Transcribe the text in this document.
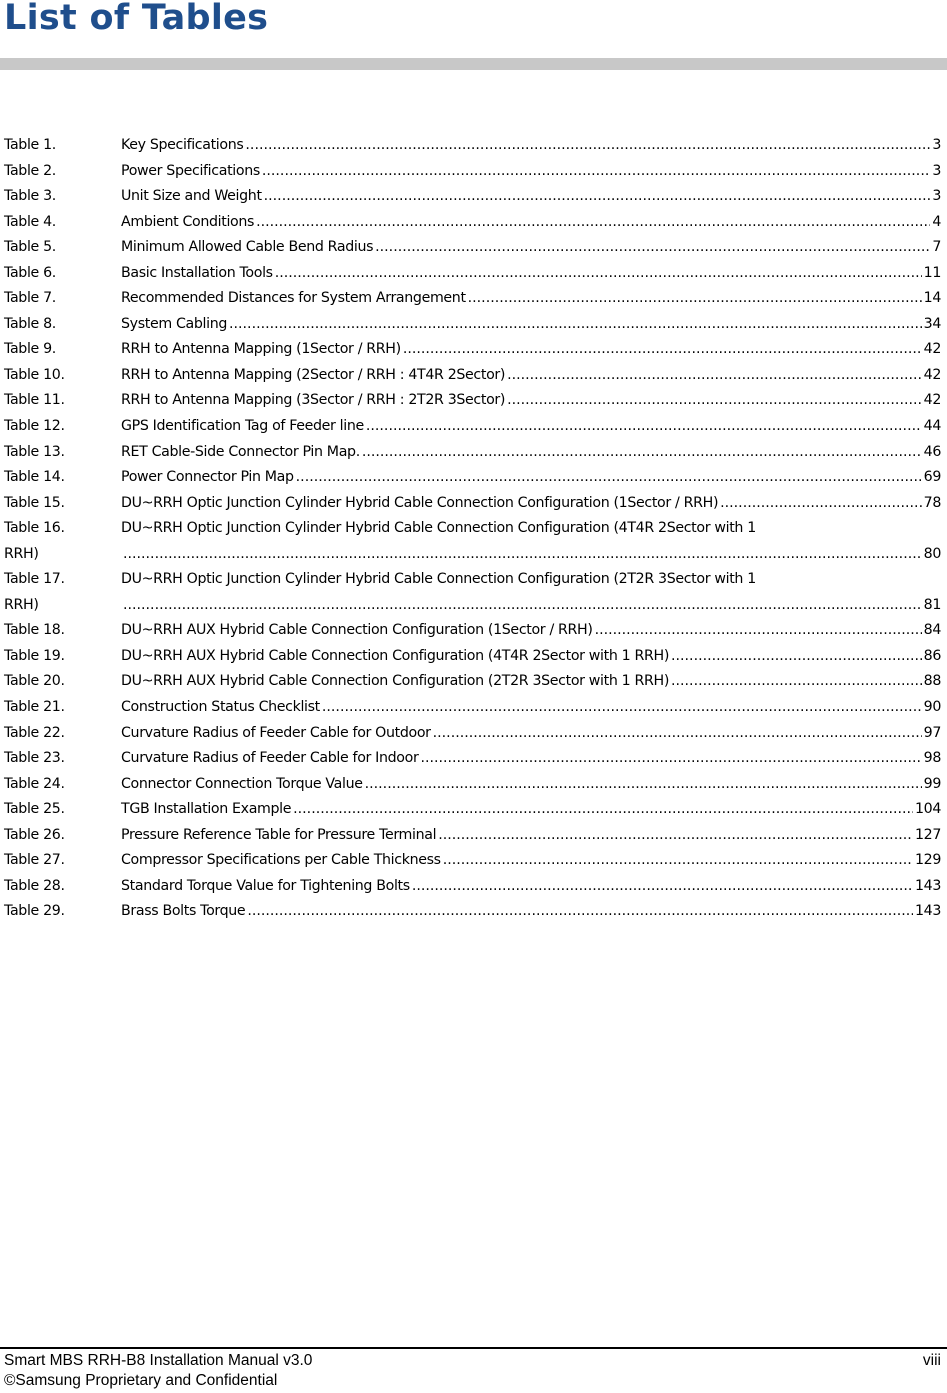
List of Tables
Table 1.	Key Specifications .....	3
Table 2.	Power Specifications .....	3
Table 3.	Unit Size and Weight .....	3
Table 4.	Ambient Conditions .....	4
Table 5.	Minimum Allowed Cable Bend Radius .....	7
Table 6.	Basic Installation Tools .....	11
Table 7.	Recommended Distances for System Arrangement .....	14
Table 8.	System Cabling .....	34
Table 9.	RRH to Antenna Mapping (1Sector / RRH) .....	42
Table 10.	RRH to Antenna Mapping (2Sector / RRH : 4T4R 2Sector) .....	42
Table 11.	RRH to Antenna Mapping (3Sector / RRH : 2T2R 3Sector) .....	42
Table 12.	GPS Identification Tag of Feeder line .....	44
Table 13.	RET Cable-Side Connector Pin Map. .....	46
Table 14.	Power Connector Pin Map .....	69
Table 15.	DU~RRH Optic Junction Cylinder Hybrid Cable Connection Configuration (1Sector / RRH) .....	78
Table 16.	DU~RRH Optic Junction Cylinder Hybrid Cable Connection Configuration (4T4R 2Sector with 1
RRH) .....	80
Table 17.	DU~RRH Optic Junction Cylinder Hybrid Cable Connection Configuration (2T2R 3Sector with 1
RRH) .....	81
Table 18.	DU~RRH AUX Hybrid Cable Connection Configuration (1Sector / RRH) .....	84
Table 19.	DU~RRH AUX Hybrid Cable Connection Configuration (4T4R 2Sector with 1 RRH) .....	86
Table 20.	DU~RRH AUX Hybrid Cable Connection Configuration (2T2R 3Sector with 1 RRH) .....	88
Table 21.	Construction Status Checklist .....	90
Table 22.	Curvature Radius of Feeder Cable for Outdoor .....	97
Table 23.	Curvature Radius of Feeder Cable for Indoor .....	98
Table 24.	Connector Connection Torque Value .....	99
Table 25.	TGB Installation Example .....	104
Table 26.	Pressure Reference Table for Pressure Terminal .....	127
Table 27.	Compressor Specifications per Cable Thickness .....	129
Table 28.	Standard Torque Value for Tightening Bolts .....	143
Table 29.	Brass Bolts Torque .....	143
Smart MBS RRH-B8 Installation Manual v3.0	viii
©Samsung Proprietary and Confidential
